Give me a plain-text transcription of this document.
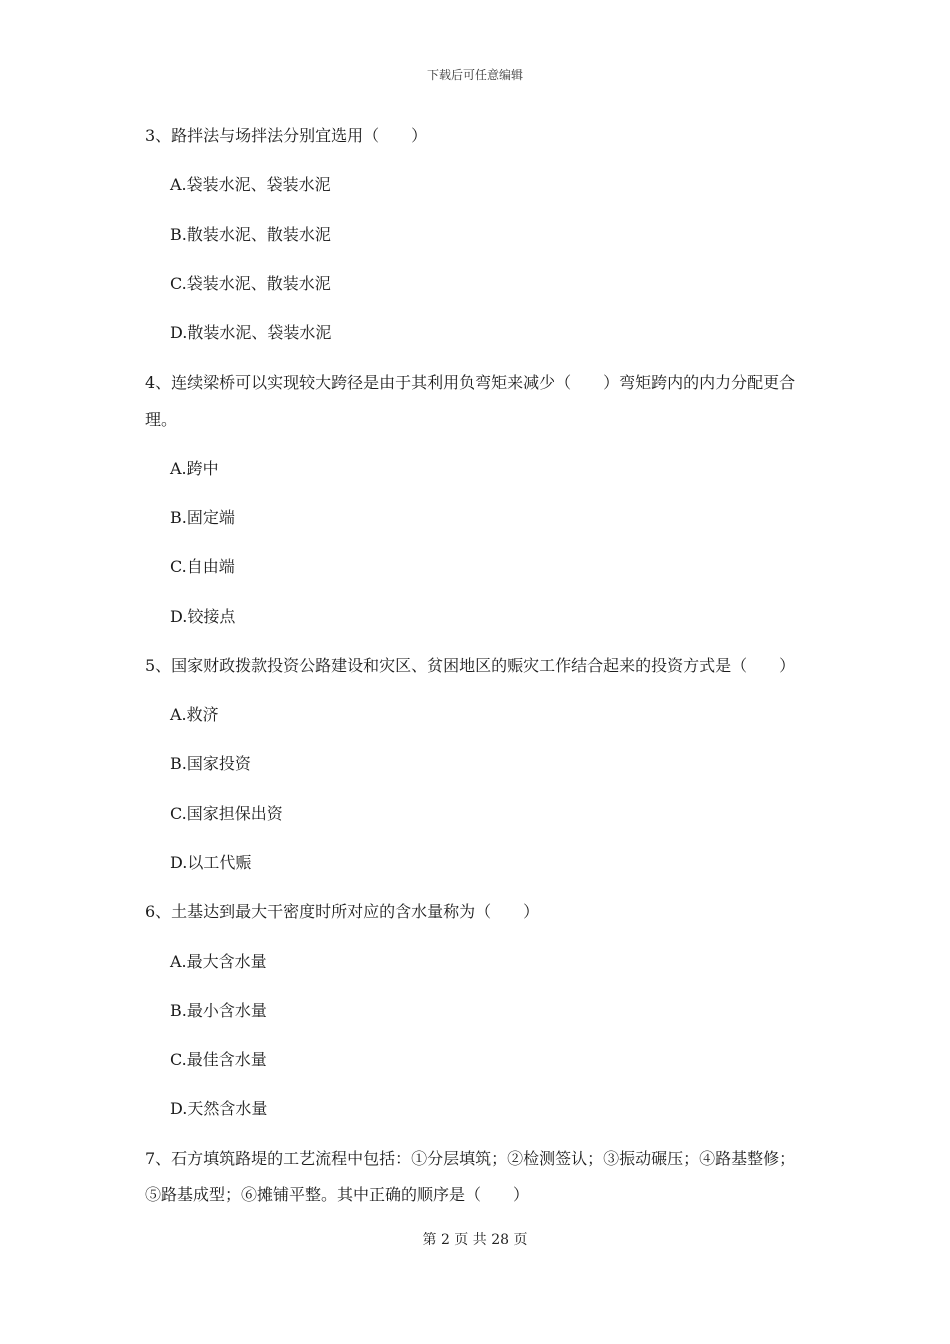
下载后可任意编辑
3、路拌法与场拌法分别宜选用（　　）
A.袋装水泥、袋装水泥
B.散装水泥、散装水泥
C.袋装水泥、散装水泥
D.散装水泥、袋装水泥
4、连续梁桥可以实现较大跨径是由于其利用负弯矩来减少（　　）弯矩跨内的内力分配更合
理。
A.跨中
B.固定端
C.自由端
D.铰接点
5、国家财政拨款投资公路建设和灾区、贫困地区的赈灾工作结合起来的投资方式是（　　）
A.救济
B.国家投资
C.国家担保出资
D.以工代赈
6、土基达到最大干密度时所对应的含水量称为（　　）
A.最大含水量
B.最小含水量
C.最佳含水量
D.天然含水量
7、石方填筑路堤的工艺流程中包括：①分层填筑；②检测签认；③振动碾压；④路基整修；
⑤路基成型；⑥摊铺平整。其中正确的顺序是（　　）
第 2 页 共 28 页
